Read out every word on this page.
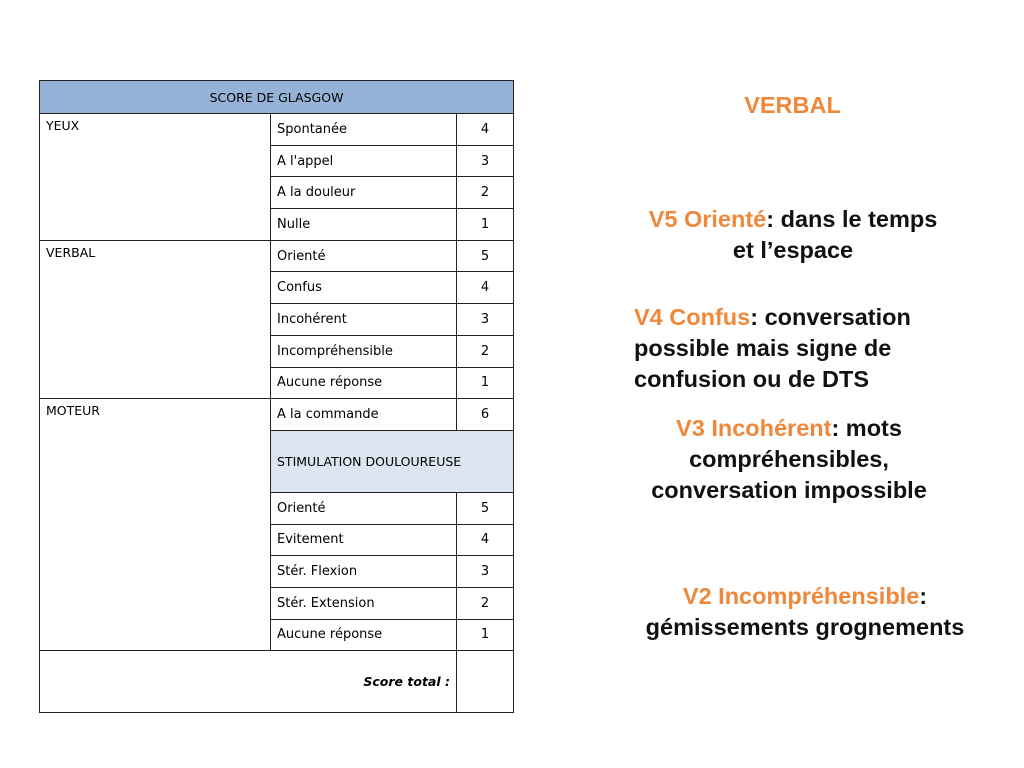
SCORE DE GLASGOW		
YEUX	Spontanée	4
	A l'appel	3
	A la douleur	2
	Nulle	1
VERBAL	Orienté	5
	Confus	4
	Incohérent	3
	Incompréhensible	2
	Aucune réponse	1
MOTEUR	A la commande	6
	STIMULATION DOULOUREUSE	
	Orienté	5
	Evitement	4
	Stér. Flexion	3
	Stér. Extension	2
	Aucune réponse	1
Score total :		
VERBAL

V5 Orienté: dans le temps et l’espace

V4 Confus: conversation possible mais signe de confusion ou de DTS

V3 Incohérent: mots compréhensibles, conversation impossible

V2 Incompréhensible: gémissements grognements
